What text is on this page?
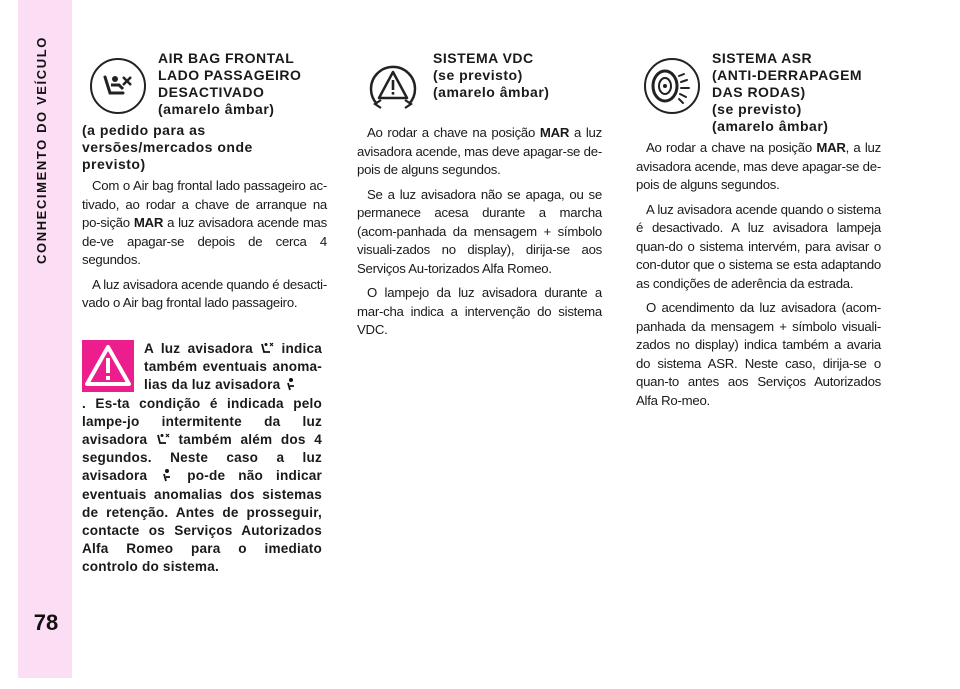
CONHECIMENTO DO VEÍCULO
78
AIR BAG FRONTAL
LADO PASSAGEIRO
DESACTIVADO
(amarelo âmbar)
(a pedido para as
versões/mercados onde
previsto)

Com o Air bag frontal lado passageiro ac-tivado, ao rodar a chave de arranque na po-sição MAR a luz avisadora acende mas de-ve apagar-se depois de cerca 4 segundos.

A luz avisadora acende quando é desacti-vado o Air bag frontal lado passageiro.

A luz avisadora indica também eventuais anoma-lias da luz avisadora
. Es-ta condição é indicada pelo lampe-jo intermitente da luz avisadora também além dos 4 segundos. Neste caso a luz avisadora	po-de não indicar eventuais anomalias dos sistemas de retenção. Antes de prosseguir, contacte os Serviços Autorizados Alfa Romeo para o imediato controlo do sistema.
SISTEMA VDC
(se previsto)
(amarelo âmbar)

Ao rodar a chave na posição MAR a luz avisadora acende, mas deve apagar-se de-pois de alguns segundos.

Se a luz avisadora não se apaga, ou se permanece acesa durante a marcha (acom-panhada da mensagem + símbolo visuali-zados no display), dirija-se aos Serviços Au-torizados Alfa Romeo.

O lampejo da luz avisadora durante a mar-cha indica a intervenção do sistema VDC.

SISTEMA ASR
(ANTI-DERRAPAGEM
DAS RODAS)
(se previsto)
(amarelo âmbar)

Ao rodar a chave na posição MAR, a luz avisadora acende, mas deve apagar-se de-pois de alguns segundos.

A luz avisadora acende quando o sistema é desactivado. A luz avisadora lampeja quan-do o sistema intervém, para avisar o con-dutor que o sistema se esta adaptando as condições de aderência da estrada.

O acendimento da luz avisadora (acom-panhada da mensagem + símbolo visuali-zados no display) indica também a avaria do sistema ASR. Neste caso, dirija-se o quan-to antes aos Serviços Autorizados Alfa Ro-meo.
